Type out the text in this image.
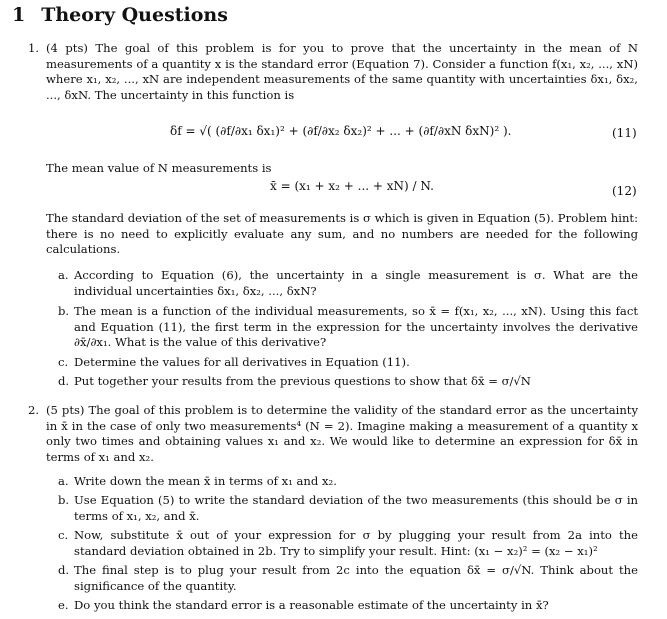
1 Theory Questions
1. (4 pts) The goal of this problem is for you to prove that the uncertainty in the mean of N measurements of a quantity x is the standard error (Equation 7). Consider a function f(x₁, x₂, ..., xN) where x₁, x₂, ..., xN are independent measurements of the same quantity with uncertainties δx₁, δx₂, ..., δxN. The uncertainty in this function is
δf = √( (∂f/∂x₁ δx₁)² + (∂f/∂x₂ δx₂)² + ... + (∂f/∂xN δxN)² ).	(11)
The mean value of N measurements is
x̄ = (x₁ + x₂ + ... + xN) / N.	(12)
The standard deviation of the set of measurements is σ which is given in Equation (5). Problem hint: there is no need to explicitly evaluate any sum, and no numbers are needed for the following calculations.
a. According to Equation (6), the uncertainty in a single measurement is σ. What are the individual uncertainties δx₁, δx₂, ..., δxN?
b. The mean is a function of the individual measurements, so x̄ = f(x₁, x₂, ..., xN). Using this fact and Equation (11), the first term in the expression for the uncertainty involves the derivative ∂x̄/∂x₁. What is the value of this derivative?
c. Determine the values for all derivatives in Equation (11).
d. Put together your results from the previous questions to show that δx̄ = σ/√N
2. (5 pts) The goal of this problem is to determine the validity of the standard error as the uncertainty in x̄ in the case of only two measurements⁴ (N = 2). Imagine making a measurement of a quantity x only two times and obtaining values x₁ and x₂. We would like to determine an expression for δx̄ in terms of x₁ and x₂.
a. Write down the mean x̄ in terms of x₁ and x₂.
b. Use Equation (5) to write the standard deviation of the two measurements (this should be σ in terms of x₁, x₂, and x̄.
c. Now, substitute x̄ out of your expression for σ by plugging your result from 2a into the standard deviation obtained in 2b. Try to simplify your result. Hint: (x₁ − x₂)² = (x₂ − x₁)²
d. The final step is to plug your result from 2c into the equation δx̄ = σ/√N. Think about the significance of the quantity.
e. Do you think the standard error is a reasonable estimate of the uncertainty in x̄?
